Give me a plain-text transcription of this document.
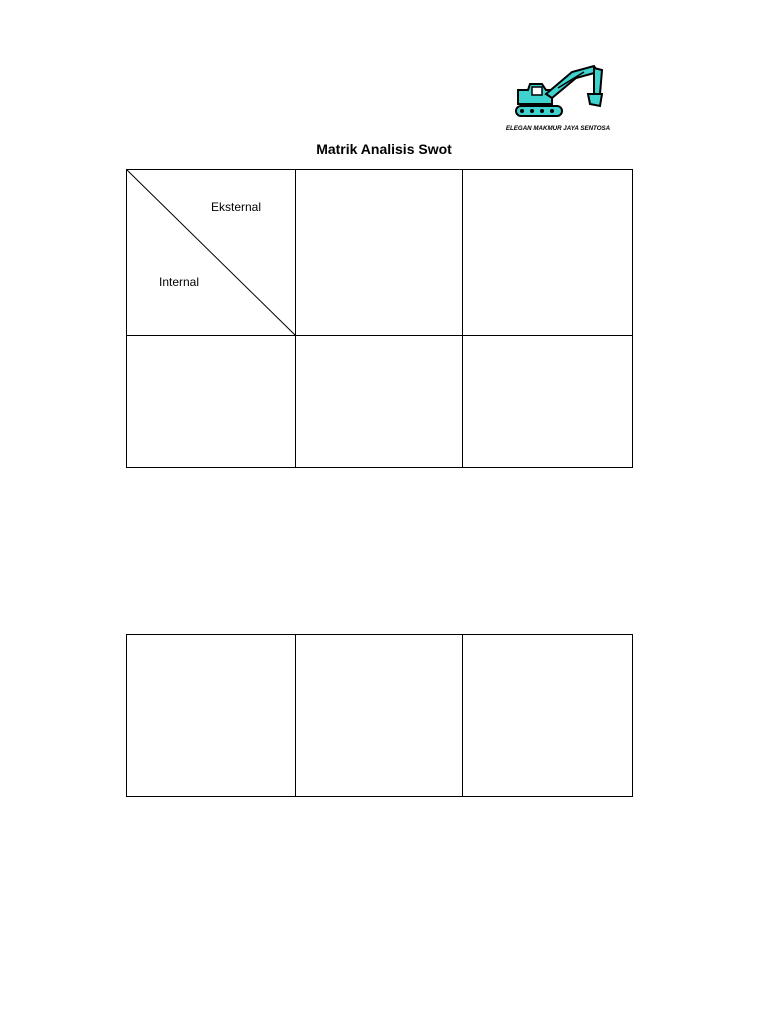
ELEGAN MAKMUR JAYA SENTOSA
Matrik Analisis Swot
Eksternal
Internal		
